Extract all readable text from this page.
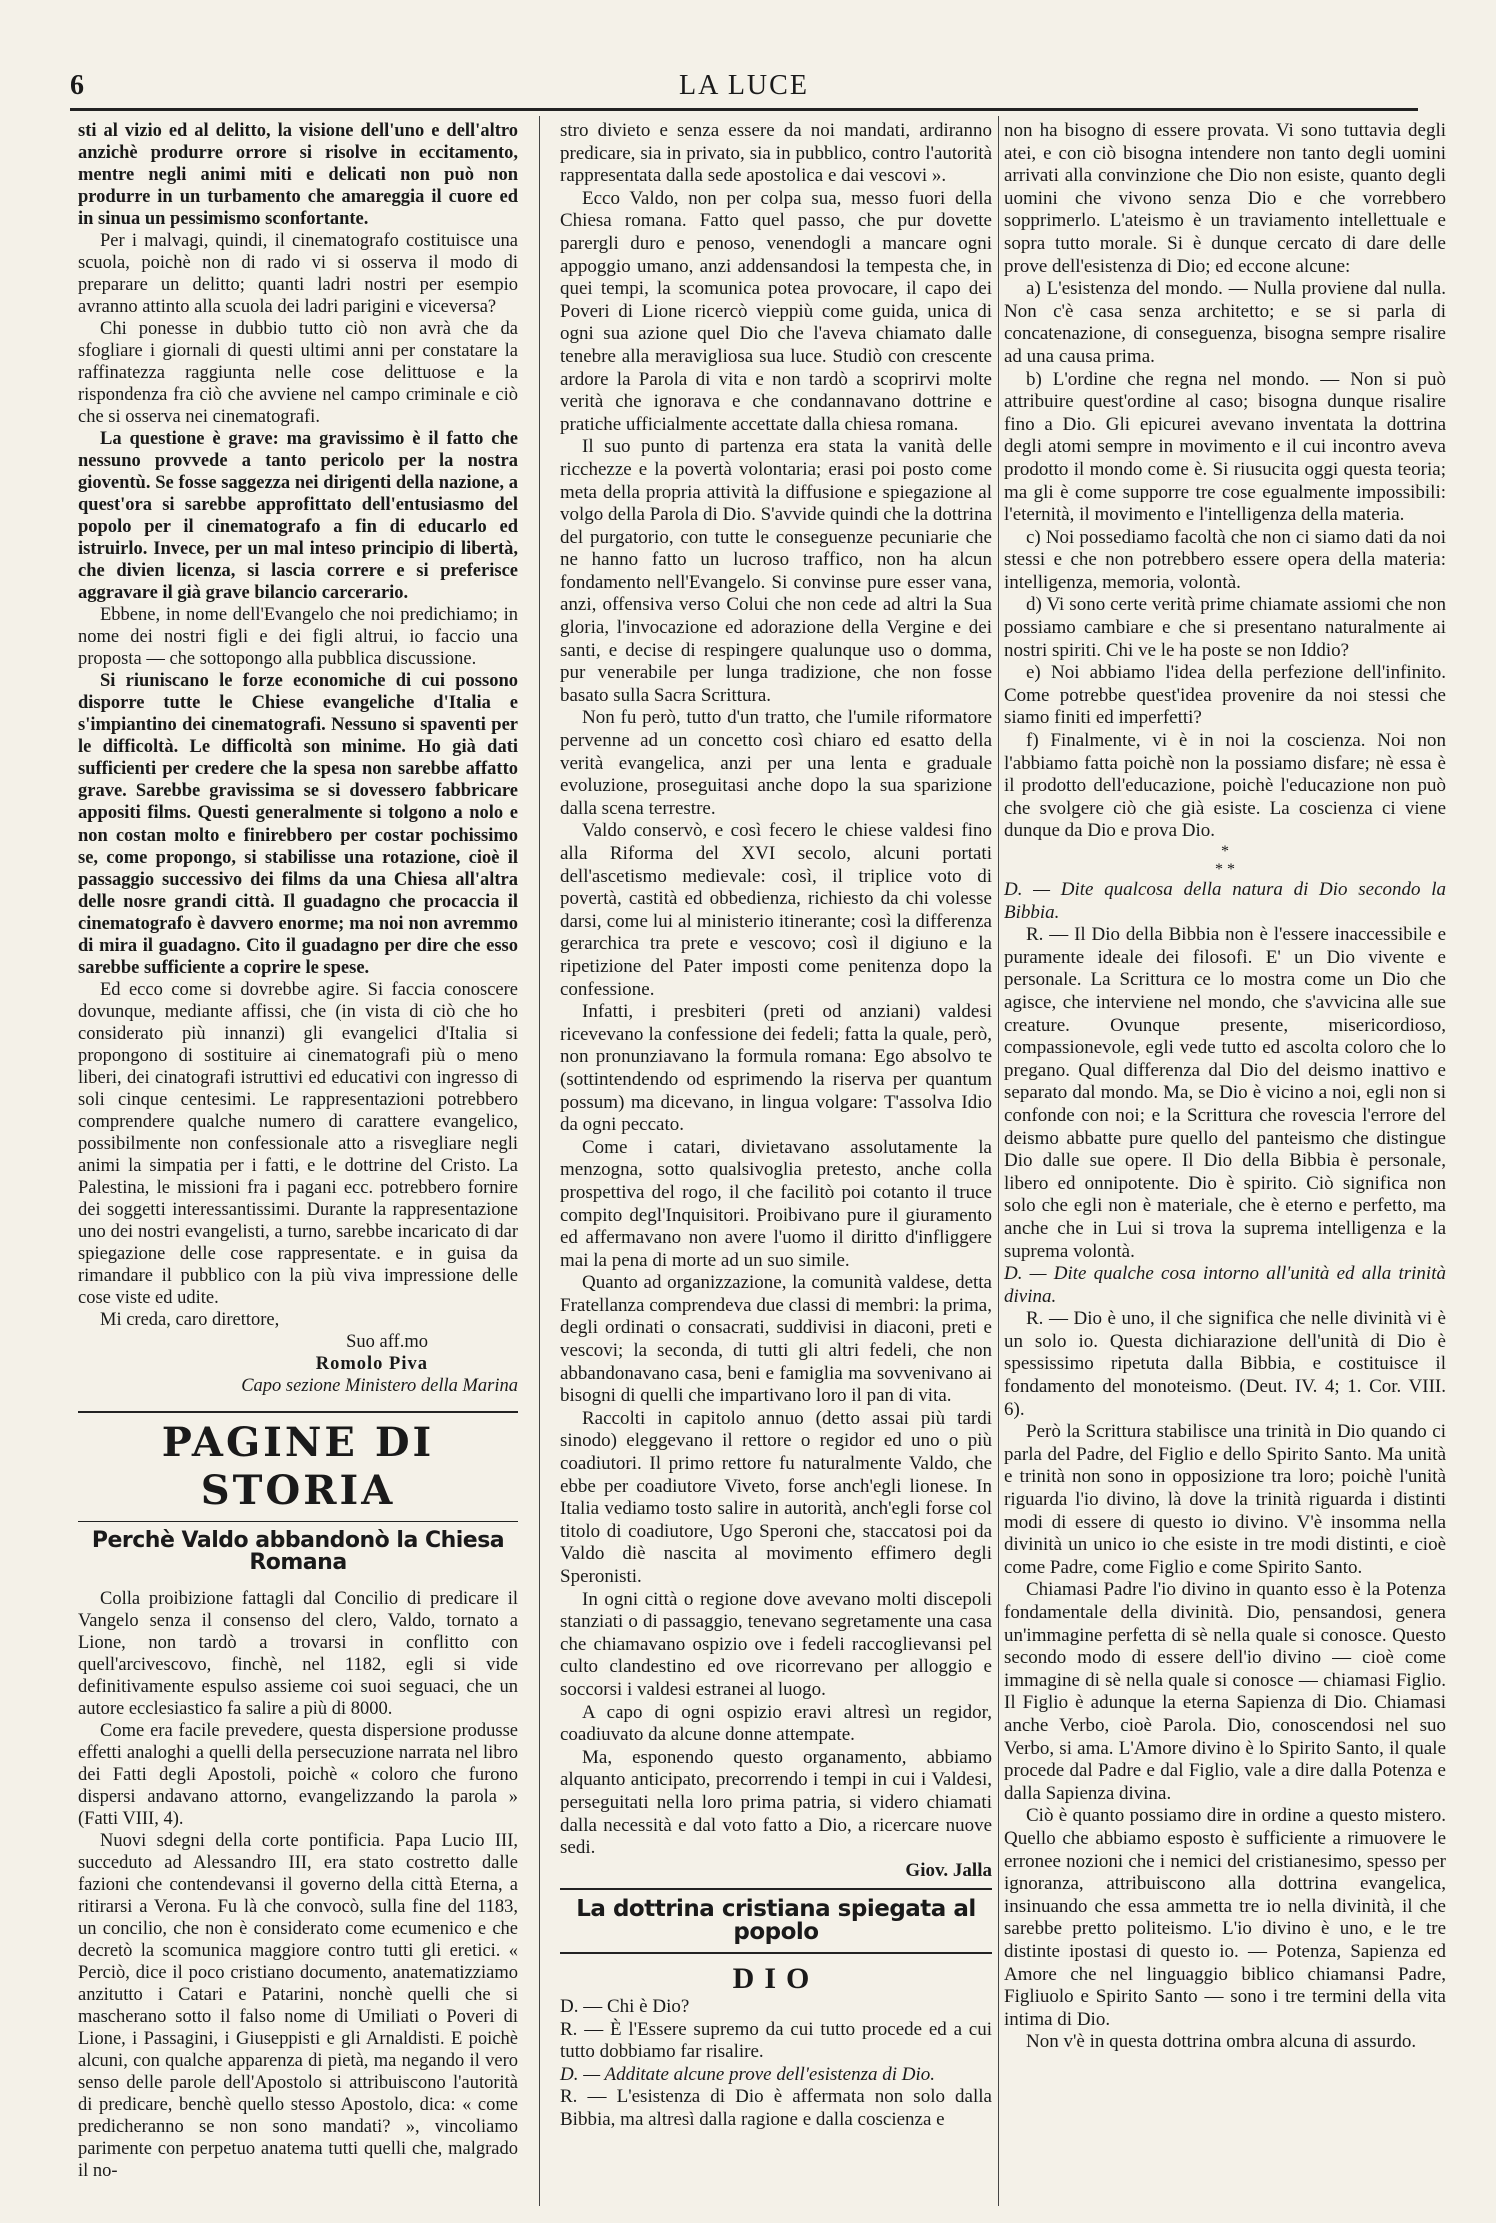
6	LA LUCE

sti al vizio ed al delitto, la visione dell'uno e dell'altro anzichè produrre orrore si risolve in eccitamento, mentre negli animi miti e delicati non può non produrre in un turbamento che amareggia il cuore ed in sinua un pessimismo sconfortante.

Per i malvagi, quindi, il cinematografo costituisce una scuola, poichè non di rado vi si osserva il modo di preparare un delitto; quanti ladri nostri per esempio avranno attinto alla scuola dei ladri parigini e viceversa?

Chi ponesse in dubbio tutto ciò non avrà che da sfogliare i giornali di questi ultimi anni per constatare la raffinatezza raggiunta nelle cose delittuose e la rispondenza fra ciò che avviene nel campo criminale e ciò che si osserva nei cinematografi.

La questione è grave: ma gravissimo è il fatto che nessuno provvede a tanto pericolo per la nostra gioventù. Se fosse saggezza nei dirigenti della nazione, a quest'ora si sarebbe approfittato dell'entusiasmo del popolo per il cinematografo a fin di educarlo ed istruirlo. Invece, per un mal inteso principio di libertà, che divien licenza, si lascia correre e si preferisce aggravare il già grave bilancio carcerario.

Ebbene, in nome dell'Evangelo che noi predichiamo; in nome dei nostri figli e dei figli altrui, io faccio una proposta — che sottopongo alla pubblica discussione.

Si riuniscano le forze economiche di cui possono disporre tutte le Chiese evangeliche d'Italia e s'impiantino dei cinematografi. Nessuno si spaventi per le difficoltà. Le difficoltà son minime. Ho già dati sufficienti per credere che la spesa non sarebbe affatto grave. Sarebbe gravissima se si dovessero fabbricare appositi films. Questi generalmente si tolgono a nolo e non costan molto e finirebbero per costar pochissimo se, come propongo, si stabilisse una rotazione, cioè il passaggio successivo dei films da una Chiesa all'altra delle nosre grandi città. Il guadagno che procaccia il cinematografo è davvero enorme; ma noi non avremmo di mira il guadagno. Cito il guadagno per dire che esso sarebbe sufficiente a coprire le spese.

Ed ecco come si dovrebbe agire. Si faccia conoscere dovunque, mediante affissi, che (in vista di ciò che ho considerato più innanzi) gli evangelici d'Italia si propongono di sostituire ai cinematografi più o meno liberi, dei cinatografi istruttivi ed educativi con ingresso di soli cinque centesimi. Le rappresentazioni potrebbero comprendere qualche numero di carattere evangelico, possibilmente non confessionale atto a risvegliare negli animi la simpatia per i fatti, e le dottrine del Cristo. La Palestina, le missioni fra i pagani ecc. potrebbero fornire dei soggetti interessantissimi. Durante la rappresentazione uno dei nostri evangelisti, a turno, sarebbe incaricato di dar spiegazione delle cose rappresentate. e in guisa da rimandare il pubblico con la più viva impressione delle cose viste ed udite.

Mi creda, caro direttore,

Suo aff.mo

Romolo Piva

Capo sezione Ministero della Marina

PAGINE DI STORIA
Perchè Valdo abbandonò la Chiesa Romana

Colla proibizione fattagli dal Concilio di predicare il Vangelo senza il consenso del clero, Valdo, tornato a Lione, non tardò a trovarsi in conflitto con quell'arcivescovo, finchè, nel 1182, egli si vide definitivamente espulso assieme coi suoi seguaci, che un autore ecclesiastico fa salire a più di 8000.

Come era facile prevedere, questa dispersione produsse effetti analoghi a quelli della persecuzione narrata nel libro dei Fatti degli Apostoli, poichè « coloro che furono dispersi andavano attorno, evangelizzando la parola » (Fatti VIII, 4).

Nuovi sdegni della corte pontificia. Papa Lucio III, succeduto ad Alessandro III, era stato costretto dalle fazioni che contendevansi il governo della città Eterna, a ritirarsi a Verona. Fu là che convocò, sulla fine del 1183, un concilio, che non è considerato come ecumenico e che decretò la scomunica maggiore contro tutti gli eretici. « Perciò, dice il poco cristiano documento, anatematizziamo anzitutto i Catari e Patarini, nonchè quelli che si mascherano sotto il falso nome di Umiliati o Poveri di Lione, i Passagini, i Giuseppisti e gli Arnaldisti. E poichè alcuni, con qualche apparenza di pietà, ma negando il vero senso delle parole dell'Apostolo si attribuiscono l'autorità di predicare, benchè quello stesso Apostolo, dica: « come predicheranno se non sono mandati? », vincoliamo parimente con perpetuo anatema tutti quelli che, malgrado il no-

stro divieto e senza essere da noi mandati, ardiranno predicare, sia in privato, sia in pubblico, contro l'autorità rappresentata dalla sede apostolica e dai vescovi ».

Ecco Valdo, non per colpa sua, messo fuori della Chiesa romana. Fatto quel passo, che pur dovette parergli duro e penoso, venendogli a mancare ogni appoggio umano, anzi addensandosi la tempesta che, in quei tempi, la scomunica potea provocare, il capo dei Poveri di Lione ricercò vieppiù come guida, unica di ogni sua azione quel Dio che l'aveva chiamato dalle tenebre alla meravigliosa sua luce. Studiò con crescente ardore la Parola di vita e non tardò a scoprirvi molte verità che ignorava e che condannavano dottrine e pratiche ufficialmente accettate dalla chiesa romana.

Il suo punto di partenza era stata la vanità delle ricchezze e la povertà volontaria; erasi poi posto come meta della propria attività la diffusione e spiegazione al volgo della Parola di Dio. S'avvide quindi che la dottrina del purgatorio, con tutte le conseguenze pecuniarie che ne hanno fatto un lucroso traffico, non ha alcun fondamento nell'Evangelo. Si convinse pure esser vana, anzi, offensiva verso Colui che non cede ad altri la Sua gloria, l'invocazione ed adorazione della Vergine e dei santi, e decise di respingere qualunque uso o domma, pur venerabile per lunga tradizione, che non fosse basato sulla Sacra Scrittura.

Non fu però, tutto d'un tratto, che l'umile riformatore pervenne ad un concetto così chiaro ed esatto della verità evangelica, anzi per una lenta e graduale evoluzione, proseguitasi anche dopo la sua sparizione dalla scena terrestre.

Valdo conservò, e così fecero le chiese valdesi fino alla Riforma del XVI secolo, alcuni portati dell'ascetismo medievale: così, il triplice voto di povertà, castità ed obbedienza, richiesto da chi volesse darsi, come lui al ministerio itinerante; così la differenza gerarchica tra prete e vescovo; così il digiuno e la ripetizione del Pater imposti come penitenza dopo la confessione.

Infatti, i presbiteri (preti od anziani) valdesi ricevevano la confessione dei fedeli; fatta la quale, però, non pronunziavano la formula romana: Ego absolvo te (sottintendendo od esprimendo la riserva per quantum possum) ma dicevano, in lingua volgare: T'assolva Idio da ogni peccato.

Come i catari, divietavano assolutamente la menzogna, sotto qualsivoglia pretesto, anche colla prospettiva del rogo, il che facilitò poi cotanto il truce compito degl'Inquisitori. Proibivano pure il giuramento ed affermavano non avere l'uomo il diritto d'infliggere mai la pena di morte ad un suo simile.

Quanto ad organizzazione, la comunità valdese, detta Fratellanza comprendeva due classi di membri: la prima, degli ordinati o consacrati, suddivisi in diaconi, preti e vescovi; la seconda, di tutti gli altri fedeli, che non abbandonavano casa, beni e famiglia ma sovvenivano ai bisogni di quelli che impartivano loro il pan di vita.

Raccolti in capitolo annuo (detto assai più tardi sinodo) eleggevano il rettore o regidor ed uno o più coadiutori. Il primo rettore fu naturalmente Valdo, che ebbe per coadiutore Viveto, forse anch'egli lionese. In Italia vediamo tosto salire in autorità, anch'egli forse col titolo di coadiutore, Ugo Speroni che, staccatosi poi da Valdo diè nascita al movimento effimero degli Speronisti.

In ogni città o regione dove avevano molti discepoli stanziati o di passaggio, tenevano segretamente una casa che chiamavano ospizio ove i fedeli raccoglievansi pel culto clandestino ed ove ricorrevano per alloggio e soccorsi i valdesi estranei al luogo.

A capo di ogni ospizio eravi altresì un regidor, coadiuvato da alcune donne attempate.

Ma, esponendo questo organamento, abbiamo alquanto anticipato, precorrendo i tempi in cui i Valdesi, perseguitati nella loro prima patria, si videro chiamati dalla necessità e dal voto fatto a Dio, a ricercare nuove sedi.

Giov. Jalla

La dottrina cristiana spiegata al popolo
DIO

D. — Chi è Dio?

R. — È l'Essere supremo da cui tutto procede ed a cui tutto dobbiamo far risalire.

D. — Additate alcune prove dell'esistenza di Dio.

R. — L'esistenza di Dio è affermata non solo dalla Bibbia, ma altresì dalla ragione e dalla coscienza e

non ha bisogno di essere provata. Vi sono tuttavia degli atei, e con ciò bisogna intendere non tanto degli uomini arrivati alla convinzione che Dio non esiste, quanto degli uomini che vivono senza Dio e che vorrebbero sopprimerlo. L'ateismo è un traviamento intellettuale e sopra tutto morale. Si è dunque cercato di dare delle prove dell'esistenza di Dio; ed eccone alcune:

a) L'esistenza del mondo. — Nulla proviene dal nulla. Non c'è casa senza architetto; e se si parla di concatenazione, di conseguenza, bisogna sempre risalire ad una causa prima.

b) L'ordine che regna nel mondo. — Non si può attribuire quest'ordine al caso; bisogna dunque risalire fino a Dio. Gli epicurei avevano inventata la dottrina degli atomi sempre in movimento e il cui incontro aveva prodotto il mondo come è. Si riusucita oggi questa teoria; ma gli è come supporre tre cose egualmente impossibili: l'eternità, il movimento e l'intelligenza della materia.

c) Noi possediamo facoltà che non ci siamo dati da noi stessi e che non potrebbero essere opera della materia: intelligenza, memoria, volontà.

d) Vi sono certe verità prime chiamate assiomi che non possiamo cambiare e che si presentano naturalmente ai nostri spiriti. Chi ve le ha poste se non Iddio?

e) Noi abbiamo l'idea della perfezione dell'infinito. Come potrebbe quest'idea provenire da noi stessi che siamo finiti ed imperfetti?

f) Finalmente, vi è in noi la coscienza. Noi non l'abbiamo fatta poichè non la possiamo disfare; nè essa è il prodotto dell'educazione, poichè l'educazione non può che svolgere ciò che già esiste. La coscienza ci viene dunque da Dio e prova Dio.

*
* *

D. — Dite qualcosa della natura di Dio secondo la Bibbia.

R. — Il Dio della Bibbia non è l'essere inaccessibile e puramente ideale dei filosofi. E' un Dio vivente e personale. La Scrittura ce lo mostra come un Dio che agisce, che interviene nel mondo, che s'avvicina alle sue creature. Ovunque presente, misericordioso, compassionevole, egli vede tutto ed ascolta coloro che lo pregano. Qual differenza dal Dio del deismo inattivo e separato dal mondo. Ma, se Dio è vicino a noi, egli non si confonde con noi; e la Scrittura che rovescia l'errore del deismo abbatte pure quello del panteismo che distingue Dio dalle sue opere. Il Dio della Bibbia è personale, libero ed onnipotente. Dio è spirito. Ciò significa non solo che egli non è materiale, che è eterno e perfetto, ma anche che in Lui si trova la suprema intelligenza e la suprema volontà.

D. — Dite qualche cosa intorno all'unità ed alla trinità divina.

R. — Dio è uno, il che significa che nelle divinità vi è un solo io. Questa dichiarazione dell'unità di Dio è spessissimo ripetuta dalla Bibbia, e costituisce il fondamento del monoteismo. (Deut. IV. 4; 1. Cor. VIII. 6).

Però la Scrittura stabilisce una trinità in Dio quando ci parla del Padre, del Figlio e dello Spirito Santo. Ma unità e trinità non sono in opposizione tra loro; poichè l'unità riguarda l'io divino, là dove la trinità riguarda i distinti modi di essere di questo io divino. V'è insomma nella divinità un unico io che esiste in tre modi distinti, e cioè come Padre, come Figlio e come Spirito Santo.

Chiamasi Padre l'io divino in quanto esso è la Potenza fondamentale della divinità. Dio, pensandosi, genera un'immagine perfetta di sè nella quale si conosce. Questo secondo modo di essere dell'io divino — cioè come immagine di sè nella quale si conosce — chiamasi Figlio. Il Figlio è adunque la eterna Sapienza di Dio. Chiamasi anche Verbo, cioè Parola. Dio, conoscendosi nel suo Verbo, si ama. L'Amore divino è lo Spirito Santo, il quale procede dal Padre e dal Figlio, vale a dire dalla Potenza e dalla Sapienza divina.

Ciò è quanto possiamo dire in ordine a questo mistero. Quello che abbiamo esposto è sufficiente a rimuovere le erronee nozioni che i nemici del cristianesimo, spesso per ignoranza, attribuiscono alla dottrina evangelica, insinuando che essa ammetta tre io nella divinità, il che sarebbe pretto politeismo. L'io divino è uno, e le tre distinte ipostasi di questo io. — Potenza, Sapienza ed Amore che nel linguaggio biblico chiamansi Padre, Figliuolo e Spirito Santo — sono i tre termini della vita intima di Dio.

Non v'è in questa dottrina ombra alcuna di assurdo.
